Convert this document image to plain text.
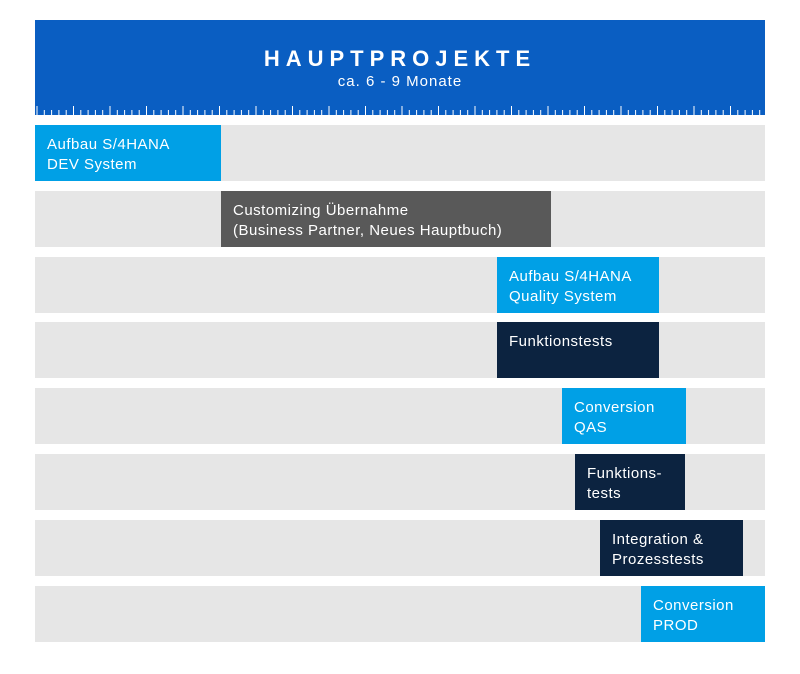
HAUPTPROJEKTE
ca. 6 - 9 Monate
Aufbau S/4HANA
DEV System
Customizing Übernahme
(Business Partner, Neues Hauptbuch)
Aufbau S/4HANA
Quality System
Funktionstests
Conversion
QAS
Funktions-
tests
Integration &
Prozesstests
Conversion
PROD
